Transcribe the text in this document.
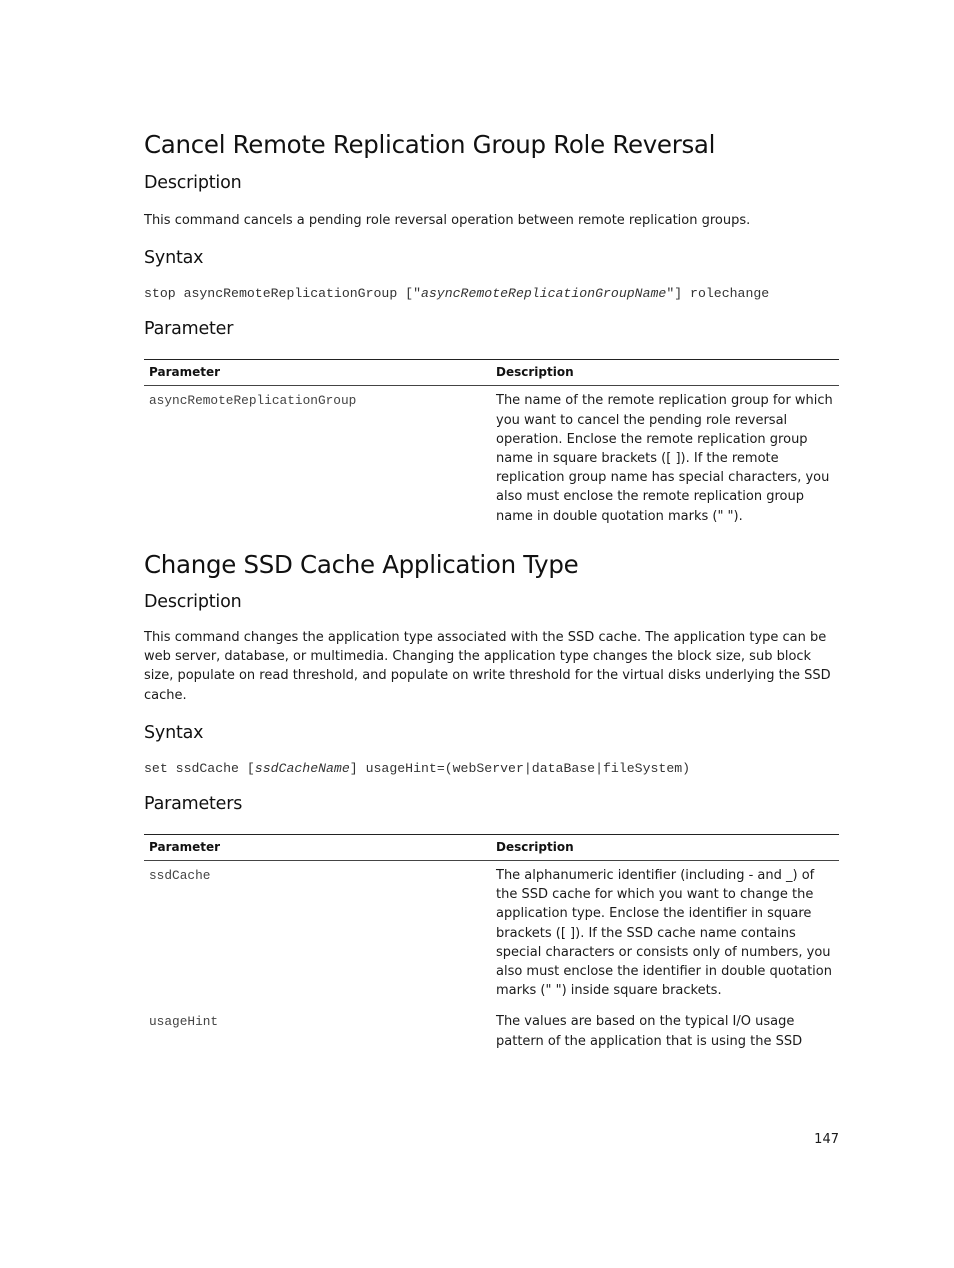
Cancel Remote Replication Group Role Reversal
Description

This command cancels a pending role reversal operation between remote replication groups.

Syntax
stop asyncRemoteReplicationGroup ["asyncRemoteReplicationGroupName"] rolechange
Parameter
Parameter	Description
asyncRemoteReplicationGroup	The name of the remote replication group for which you want to cancel the pending role reversal operation. Enclose the remote replication group name in square brackets ([ ]). If the remote replication group name has special characters, you also must enclose the remote replication group name in double quotation marks (" ").
Change SSD Cache Application Type
Description

This command changes the application type associated with the SSD cache. The application type can be web server, database, or multimedia. Changing the application type changes the block size, sub block size, populate on read threshold, and populate on write threshold for the virtual disks underlying the SSD cache.

Syntax
set ssdCache [ssdCacheName] usageHint=(webServer|dataBase|fileSystem)
Parameters
Parameter	Description
ssdCache	The alphanumeric identifier (including - and _) of the SSD cache for which you want to change the application type. Enclose the identifier in square brackets ([ ]). If the SSD cache name contains special characters or consists only of numbers, you also must enclose the identifier in double quotation marks (" ") inside square brackets.
usageHint	The values are based on the typical I/O usage pattern of the application that is using the SSD
147
